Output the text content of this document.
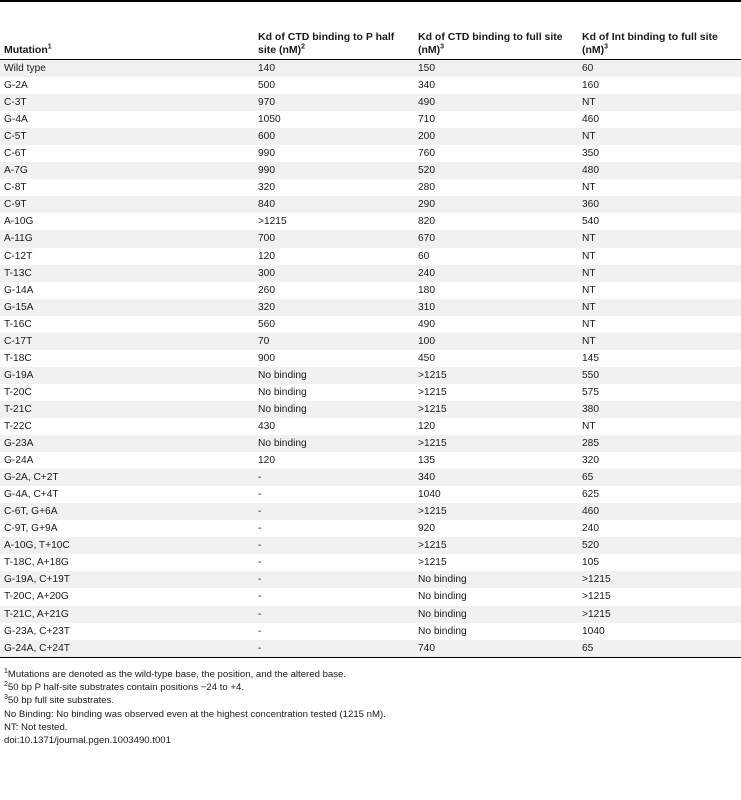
Mutation$^1$	Kd of CTD binding to P half site (nM)$^2$	Kd of CTD binding to full site (nM)$^3$	Kd of Int binding to full site (nM)$^3$
Wild type	140	150	60
G-2A	500	340	160
C-3T	970	490	NT
G-4A	1050	710	460
C-5T	600	200	NT
C-6T	990	760	350
A-7G	990	520	480
C-8T	320	280	NT
C-9T	840	290	360
A-10G	>1215	820	540
A-11G	700	670	NT
C-12T	120	60	NT
T-13C	300	240	NT
G-14A	260	180	NT
G-15A	320	310	NT
T-16C	560	490	NT
C-17T	70	100	NT
T-18C	900	450	145
G-19A	No binding	>1215	550
T-20C	No binding	>1215	575
T-21C	No binding	>1215	380
T-22C	430	120	NT
G-23A	No binding	>1215	285
G-24A	120	135	320
G-2A, C+2T	-	340	65
G-4A, C+4T	-	1040	625
C-6T, G+6A	-	>1215	460
C-9T, G+9A	-	920	240
A-10G, T+10C	-	>1215	520
T-18C, A+18G	-	>1215	105
G-19A, C+19T	-	No binding	>1215
T-20C, A+20G	-	No binding	>1215
T-21C, A+21G	-	No binding	>1215
G-23A, C+23T	-	No binding	1040
G-24A, C+24T	-	740	65
$^1$Mutations are denoted as the wild-type base, the position, and the altered base.
$^2$50 bp P half-site substrates contain positions −24 to +4.
$^3$50 bp full site substrates.
No Binding: No binding was observed even at the highest concentration tested (1215 nM).
NT: Not tested.
doi:10.1371/journal.pgen.1003490.t001
